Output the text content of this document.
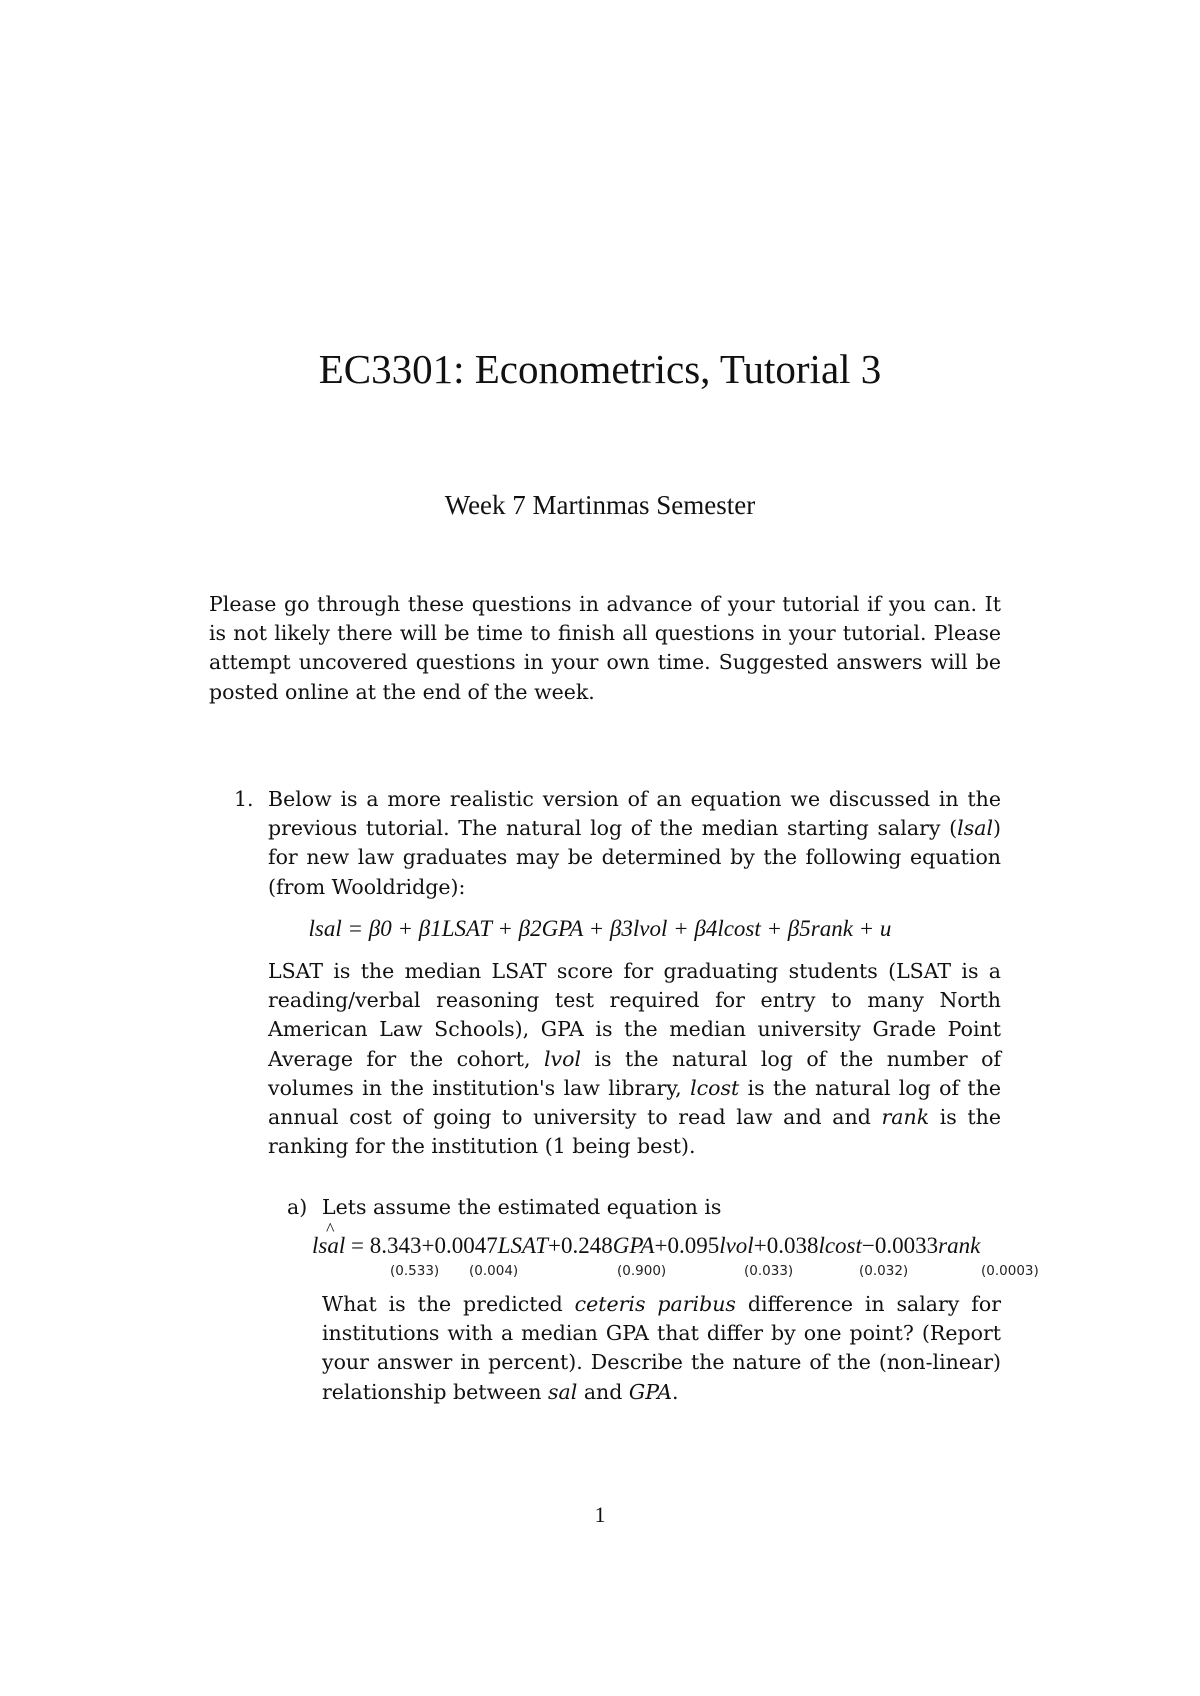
EC3301: Econometrics, Tutorial 3
Week 7 Martinmas Semester

Please go through these questions in advance of your tutorial if you can. It is not likely there will be time to finish all questions in your tutorial. Please attempt uncovered questions in your own time. Suggested answers will be posted online at the end of the week.

1. Below is a more realistic version of an equation we discussed in the previous tutorial. The natural log of the median starting salary (lsal) for new law graduates may be determined by the following equation (from Wooldridge):

lsal = β0 + β1LSAT + β2GPA + β3lvol + β4lcost + β5rank + u

LSAT is the median LSAT score for graduating students (LSAT is a reading/verbal reasoning test required for entry to many North American Law Schools), GPA is the median university Grade Point Average for the cohort, lvol is the natural log of the number of volumes in the institution's law library, lcost is the natural log of the annual cost of going to university to read law and and rank is the ranking for the institution (1 being best).

a) Lets assume the estimated equation is
^ lsal = 8.343+0.0047LSAT+0.248GPA+0.095lvol+0.038lcost−0.0033rank
(0.533) (0.004)	(0.900)	(0.033)	(0.032)	(0.0003)

What is the predicted ceteris paribus difference in salary for institutions with a median GPA that differ by one point? (Report your answer in percent). Describe the nature of the (non-linear) relationship between sal and GPA.

1
